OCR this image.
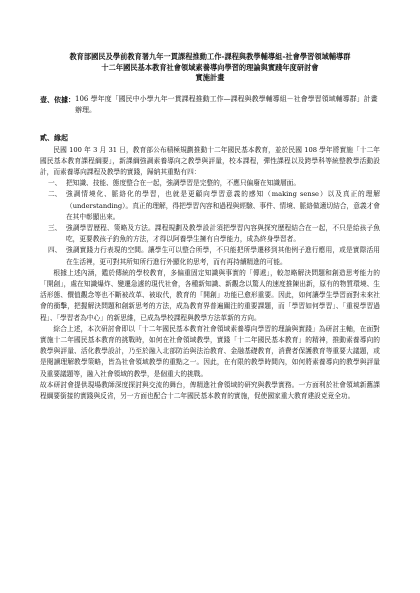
教育部國民及學前教育署九年一貫課程推動工作-課程與教學輔導組-社會學習領域輔導群
十二年國民基本教育社會領域素養導向學習的理論與實踐年度研討會
實施計畫
壹、依據： 106 學年度「國民中小學九年一貫課程推動工作—課程與教學輔導組－社會學習領域輔導群」計畫辦理。
貳、緣起

民國 100 年 3 月 31 日，教育部公布積極規劃推動十二年國民基本教育，並於民國 108 學年將實施「十二年國民基本教育課程綱要」，新課綱強調素養導向之教學與評量，校本課程，彈性課程以及跨學科等統整教學活動設計，而素養導向課程及教學的實踐，歸納其重點有四：

一、 把知識、技能、態度整合在一起，強調學習是完整的，不應只偏廢在知識層面。
二、 強調情境化、脈絡化的學習，也就是更顧向學習意義的感知（making sense）以及真正的理解（understanding）。真正的理解，得把學習內容和過程與經驗、事件、情境、脈絡做適切結合，意義才會在其中彰顯出來。
三、 強調學習歷程、策略及方法。課程規劃及教學設計須把學習內容與探究歷程結合在一起，不只是給孩子魚吃，更要教孩子釣魚的方法，才得以阿養學生擁有自學能力，成為終身學習者。
四、 強調實踐力行表現的空間。讓學生可以整合所學，不只能把所學遷移到其他例子進行應用，或是實際活用在生活裡，更可對其所知所行進行外顯化的思考，而有再持續精進的可能。

根據上述內涵，鑑於傳統的學校教育，多偏重固定知識與事實的「傳遞」，較忽略解決問題和創造思考能力的「開創」，處在知識爆炸、變遷急遽的現代社會，各種新知識、新觀念以驚人的速度推陳出新，原有的物質環境、生活形態、價值觀念等也不斷被改革、被取代，教育的「開創」功能已愈形重要。因此，如何讓學生學習面對未來社會的衝擊，把握解決問題和創新思考的方法，成為教育界普遍關注的重要課題，而「學習如何學習」、「重視學習過程」、「學習者為中心」的新思維，已成為學校課程與教學方法革新的方向。

綜合上述，本次研討會即以「十二年國民基本教育社會領域素養導向學習的理論與實踐」為研討主軸，在面對實施十二年國民基本教育的挑戰時，如何在社會領域教學，實踐「十二年國民基本教育」的精神，推動素養導向的教學與評量、活化教學設計，乃至於融入北部防治與法治教育、金融基礎教育，消費者保護教育等重要大議題，或是閱讀理解教學策略，皆為社會領域教學的重點之一。因此，在有限的教學時間內，如何將素養導向的教學與評量及重要議題等，融入社會領域的教學，是個重大的挑戰。

故本研討會提供現場教師深度探討與交流的舞台，俾精進社會領域的研究與教學實務。一方面利於社會領域新舊課程綱要銜接的實踐與反省，另一方面也配合十二年國民基本教育的實施，促使國家重大教育建設克竟全功。
